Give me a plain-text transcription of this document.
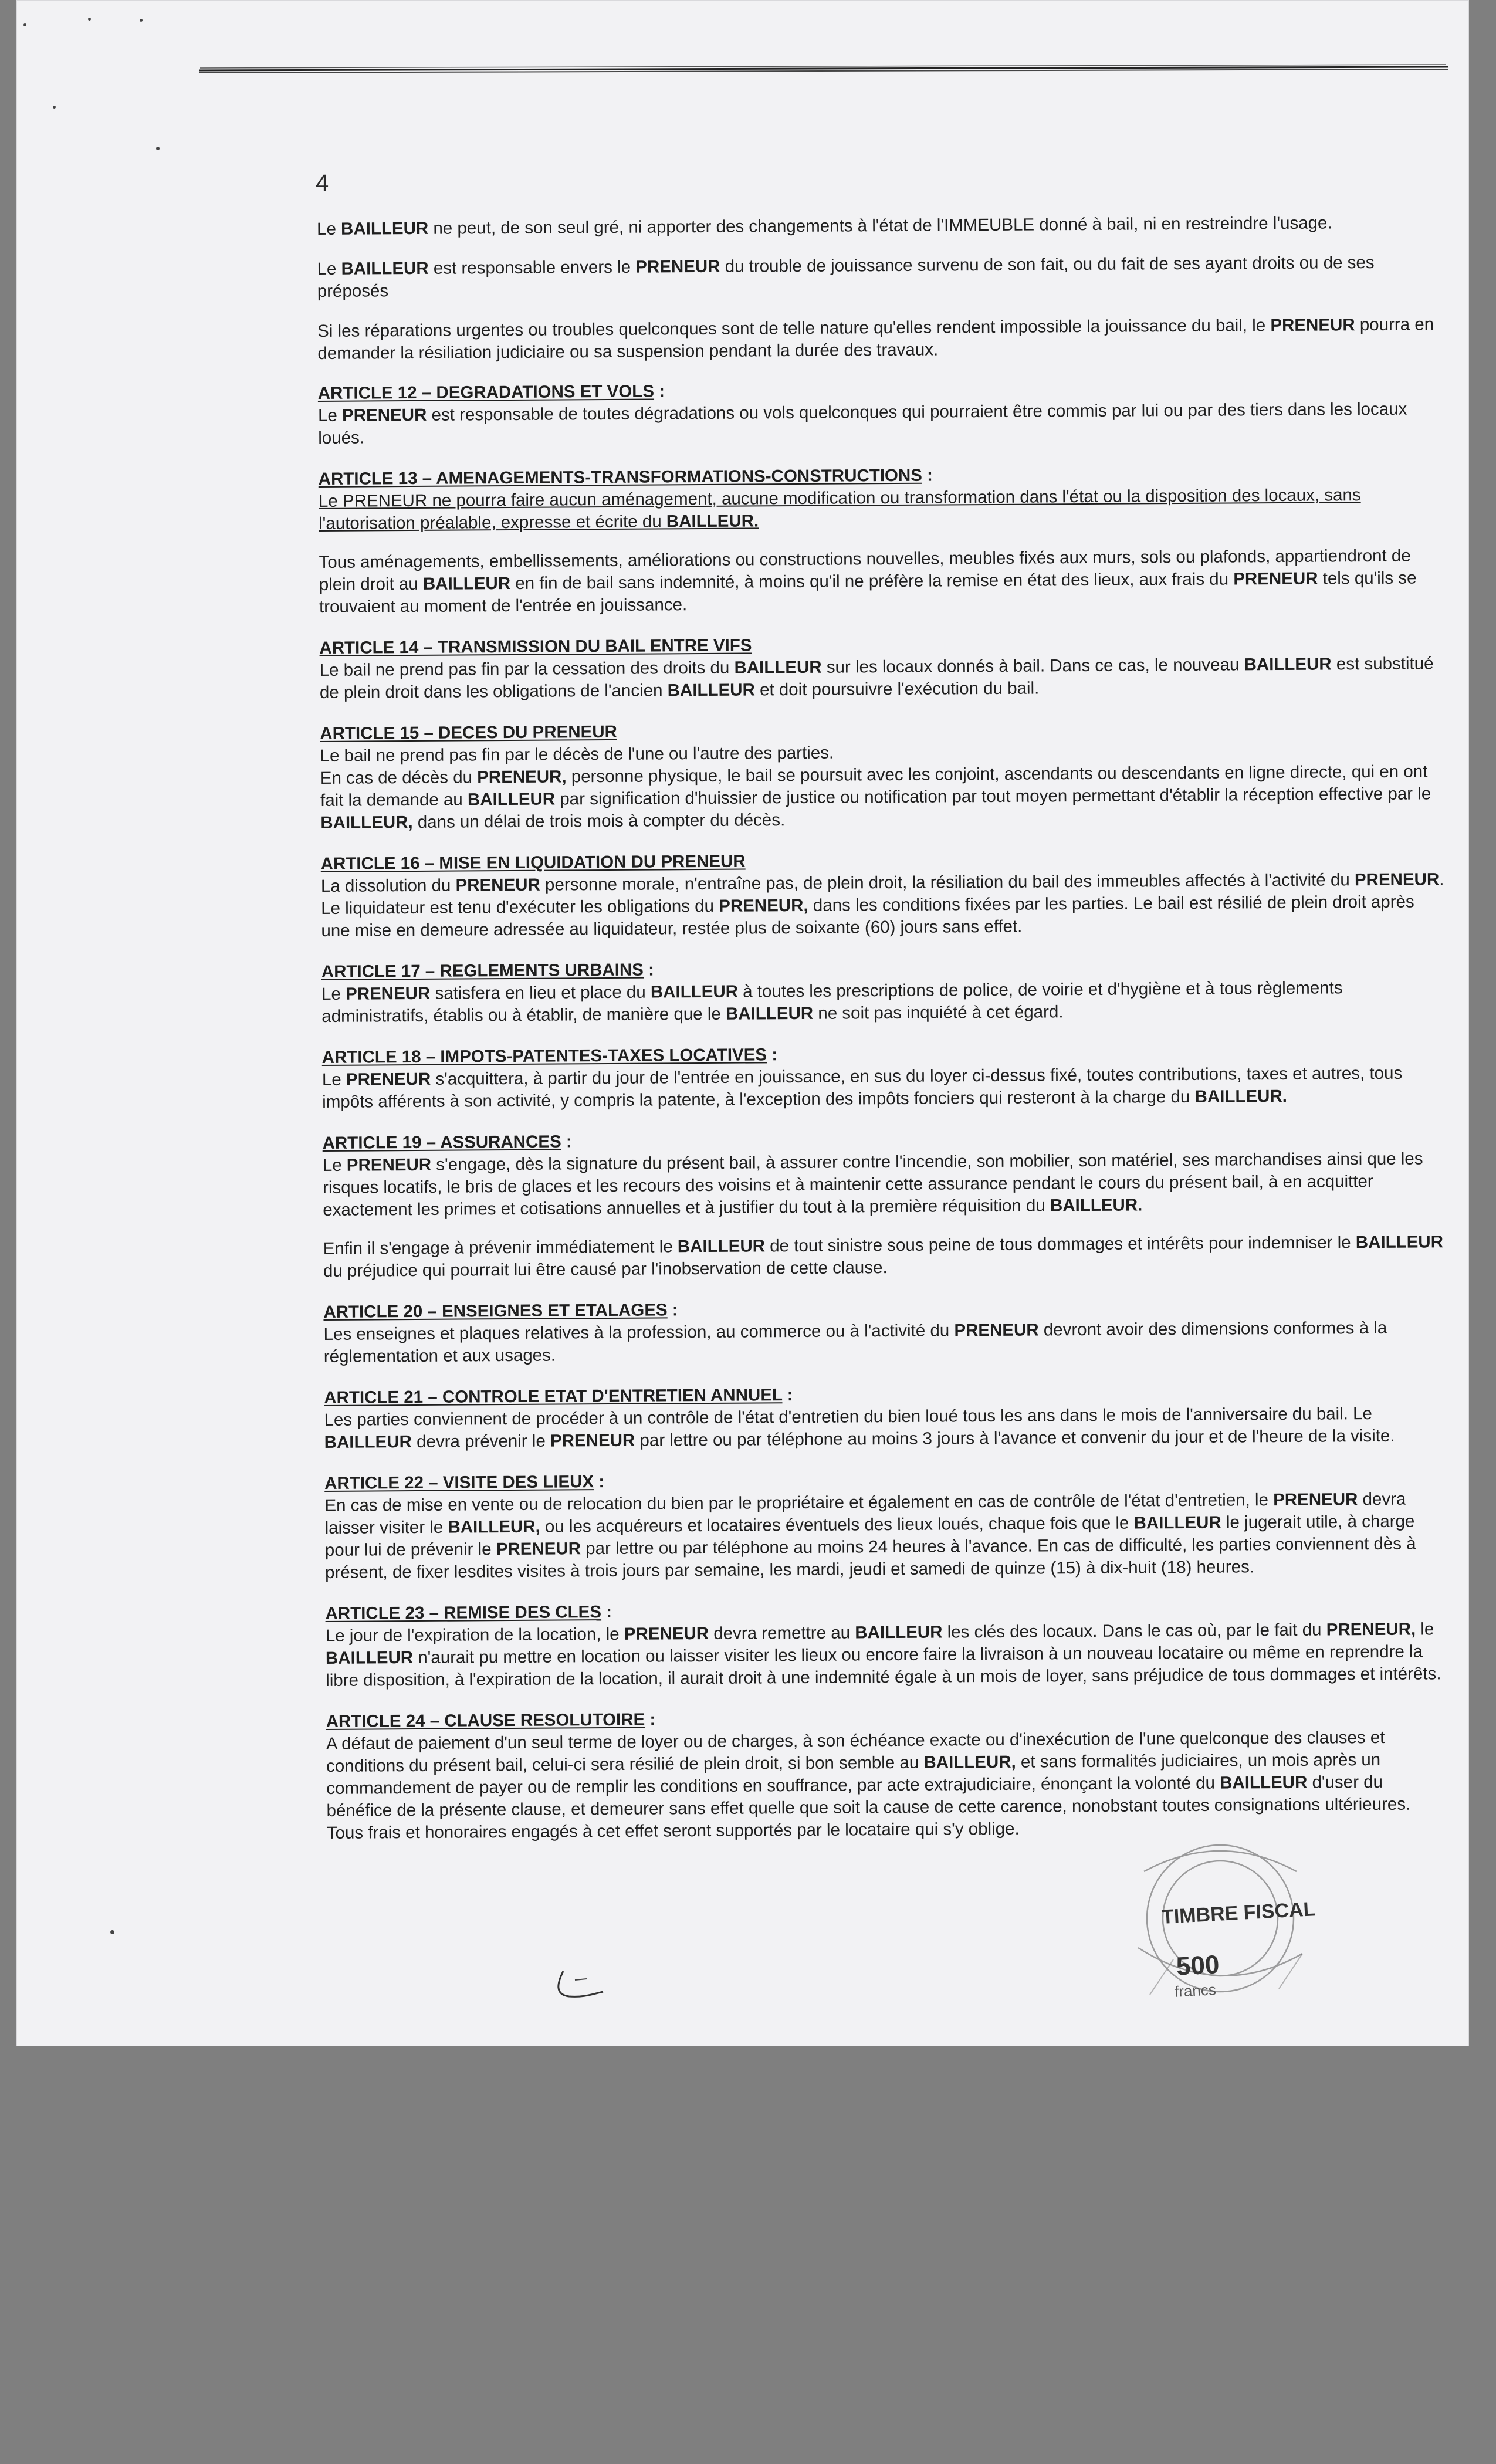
4

Le BAILLEUR ne peut, de son seul gré, ni apporter des changements à l'état de l'IMMEUBLE donné à bail, ni en restreindre l'usage.

Le BAILLEUR est responsable envers le PRENEUR du trouble de jouissance survenu de son fait, ou du fait de ses ayant droits ou de ses préposés

Si les réparations urgentes ou troubles quelconques sont de telle nature qu'elles rendent impossible la jouissance du bail, le PRENEUR pourra en demander la résiliation judiciaire ou sa suspension pendant la durée des travaux.

ARTICLE 12 – DEGRADATIONS ET VOLS :
Le PRENEUR est responsable de toutes dégradations ou vols quelconques qui pourraient être commis par lui ou par des tiers dans les locaux loués.
ARTICLE 13 – AMENAGEMENTS-TRANSFORMATIONS-CONSTRUCTIONS :
Le PRENEUR ne pourra faire aucun aménagement, aucune modification ou transformation dans l'état ou la disposition des locaux, sans l'autorisation préalable, expresse et écrite du BAILLEUR.
Tous aménagements, embellissements, améliorations ou constructions nouvelles, meubles fixés aux murs, sols ou plafonds, appartiendront de plein droit au BAILLEUR en fin de bail sans indemnité, à moins qu'il ne préfère la remise en état des lieux, aux frais du PRENEUR tels qu'ils se trouvaient au moment de l'entrée en jouissance.
ARTICLE 14 – TRANSMISSION DU BAIL ENTRE VIFS
Le bail ne prend pas fin par la cessation des droits du BAILLEUR sur les locaux donnés à bail. Dans ce cas, le nouveau BAILLEUR est substitué de plein droit dans les obligations de l'ancien BAILLEUR et doit poursuivre l'exécution du bail.
ARTICLE 15 – DECES DU PRENEUR
Le bail ne prend pas fin par le décès de l'une ou l'autre des parties.
En cas de décès du PRENEUR, personne physique, le bail se poursuit avec les conjoint, ascendants ou descendants en ligne directe, qui en ont fait la demande au BAILLEUR par signification d'huissier de justice ou notification par tout moyen permettant d'établir la réception effective par le BAILLEUR, dans un délai de trois mois à compter du décès.
ARTICLE 16 – MISE EN LIQUIDATION DU PRENEUR
La dissolution du PRENEUR personne morale, n'entraîne pas, de plein droit, la résiliation du bail des immeubles affectés à l'activité du PRENEUR. Le liquidateur est tenu d'exécuter les obligations du PRENEUR, dans les conditions fixées par les parties. Le bail est résilié de plein droit après une mise en demeure adressée au liquidateur, restée plus de soixante (60) jours sans effet.
ARTICLE 17 – REGLEMENTS URBAINS :
Le PRENEUR satisfera en lieu et place du BAILLEUR à toutes les prescriptions de police, de voirie et d'hygiène et à tous règlements administratifs, établis ou à établir, de manière que le BAILLEUR ne soit pas inquiété à cet égard.
ARTICLE 18 – IMPOTS-PATENTES-TAXES LOCATIVES :
Le PRENEUR s'acquittera, à partir du jour de l'entrée en jouissance, en sus du loyer ci-dessus fixé, toutes contributions, taxes et autres, tous impôts afférents à son activité, y compris la patente, à l'exception des impôts fonciers qui resteront à la charge du BAILLEUR.
ARTICLE 19 – ASSURANCES :
Le PRENEUR s'engage, dès la signature du présent bail, à assurer contre l'incendie, son mobilier, son matériel, ses marchandises ainsi que les risques locatifs, le bris de glaces et les recours des voisins et à maintenir cette assurance pendant le cours du présent bail, à en acquitter exactement les primes et cotisations annuelles et à justifier du tout à la première réquisition du BAILLEUR.
Enfin il s'engage à prévenir immédiatement le BAILLEUR de tout sinistre sous peine de tous dommages et intérêts pour indemniser le BAILLEUR du préjudice qui pourrait lui être causé par l'inobservation de cette clause.
ARTICLE 20 – ENSEIGNES ET ETALAGES :
Les enseignes et plaques relatives à la profession, au commerce ou à l'activité du PRENEUR devront avoir des dimensions conformes à la réglementation et aux usages.
ARTICLE 21 – CONTROLE ETAT D'ENTRETIEN ANNUEL :
Les parties conviennent de procéder à un contrôle de l'état d'entretien du bien loué tous les ans dans le mois de l'anniversaire du bail. Le BAILLEUR devra prévenir le PRENEUR par lettre ou par téléphone au moins 3 jours à l'avance et convenir du jour et de l'heure de la visite.
ARTICLE 22 – VISITE DES LIEUX :
En cas de mise en vente ou de relocation du bien par le propriétaire et également en cas de contrôle de l'état d'entretien, le PRENEUR devra laisser visiter le BAILLEUR, ou les acquéreurs et locataires éventuels des lieux loués, chaque fois que le BAILLEUR le jugerait utile, à charge pour lui de prévenir le PRENEUR par lettre ou par téléphone au moins 24 heures à l'avance. En cas de difficulté, les parties conviennent dès à présent, de fixer lesdites visites à trois jours par semaine, les mardi, jeudi et samedi de quinze (15) à dix-huit (18) heures.
ARTICLE 23 – REMISE DES CLES :
Le jour de l'expiration de la location, le PRENEUR devra remettre au BAILLEUR les clés des locaux. Dans le cas où, par le fait du PRENEUR, le BAILLEUR n'aurait pu mettre en location ou laisser visiter les lieux ou encore faire la livraison à un nouveau locataire ou même en reprendre la libre disposition, à l'expiration de la location, il aurait droit à une indemnité égale à un mois de loyer, sans préjudice de tous dommages et intérêts.
ARTICLE 24 – CLAUSE RESOLUTOIRE :
A défaut de paiement d'un seul terme de loyer ou de charges, à son échéance exacte ou d'inexécution de l'une quelconque des clauses et conditions du présent bail, celui-ci sera résilié de plein droit, si bon semble au BAILLEUR, et sans formalités judiciaires, un mois après un commandement de payer ou de remplir les conditions en souffrance, par acte extrajudiciaire, énonçant la volonté du BAILLEUR d'user du bénéfice de la présente clause, et demeurer sans effet quelle que soit la cause de cette carence, nonobstant toutes consignations ultérieures.
Tous frais et honoraires engagés à cet effet seront supportés par le locataire qui s'y oblige.
TIMBRE FISCAL
500
francs
